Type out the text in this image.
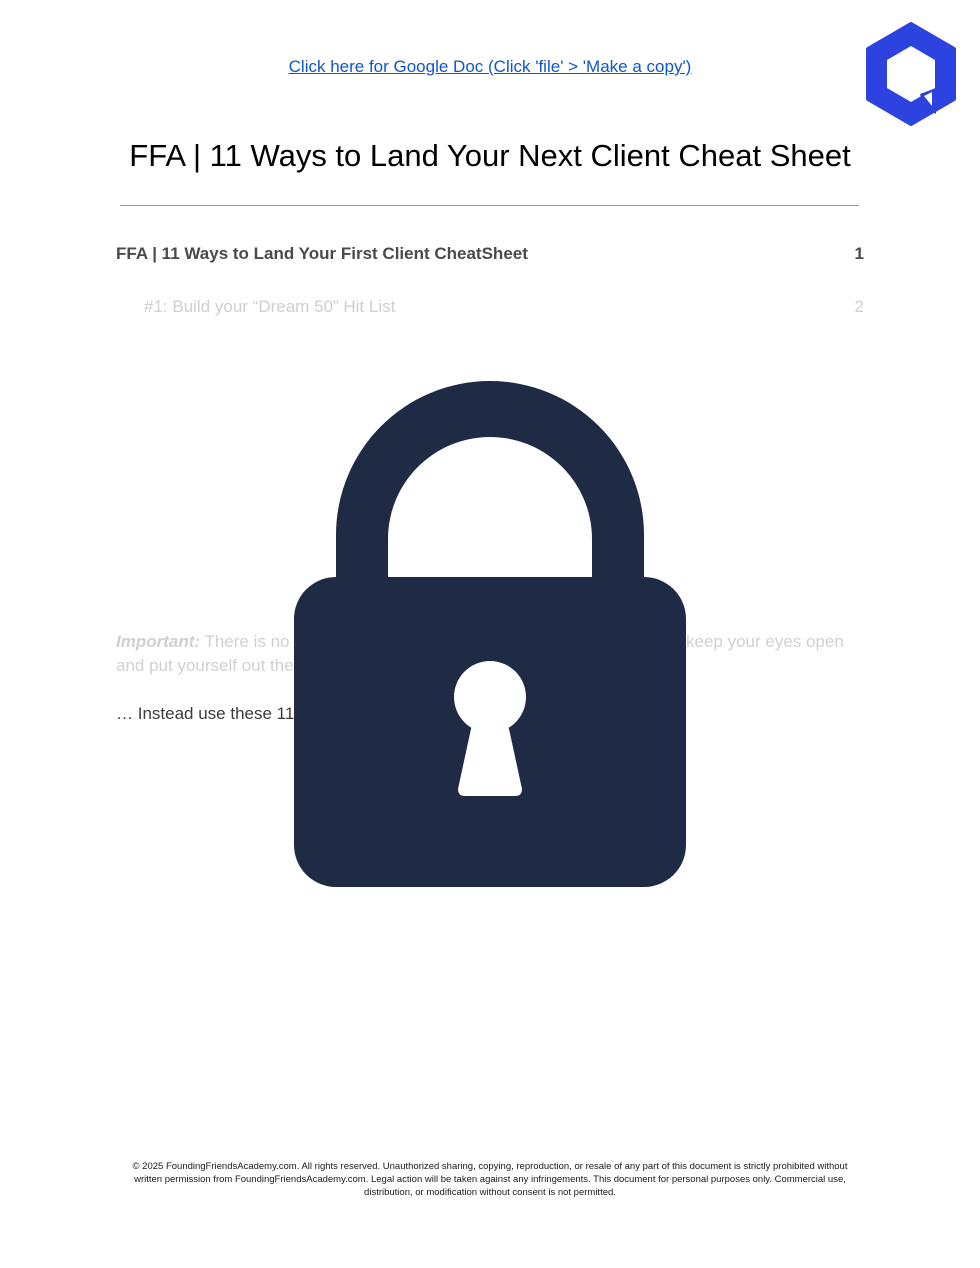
Click here for Google Doc (Click 'file' > 'Make a copy')
FFA | 11 Ways to Land Your Next Client Cheat Sheet
FFA | 11 Ways to Land Your First Client CheatSheet	1
#1: Build your “Dream 50” Hit List	2

Important: There is no	keep your eyes open

and put yourself out the

… Instead use these 11

© 2025 FoundingFriendsAcademy.com. All rights reserved. Unauthorized sharing, copying, reproduction, or resale of any part of this document is strictly prohibited without written permission from FoundingFriendsAcademy.com. Legal action will be taken against any infringements. This document for personal purposes only. Commercial use, distribution, or modification without consent is not permitted.
